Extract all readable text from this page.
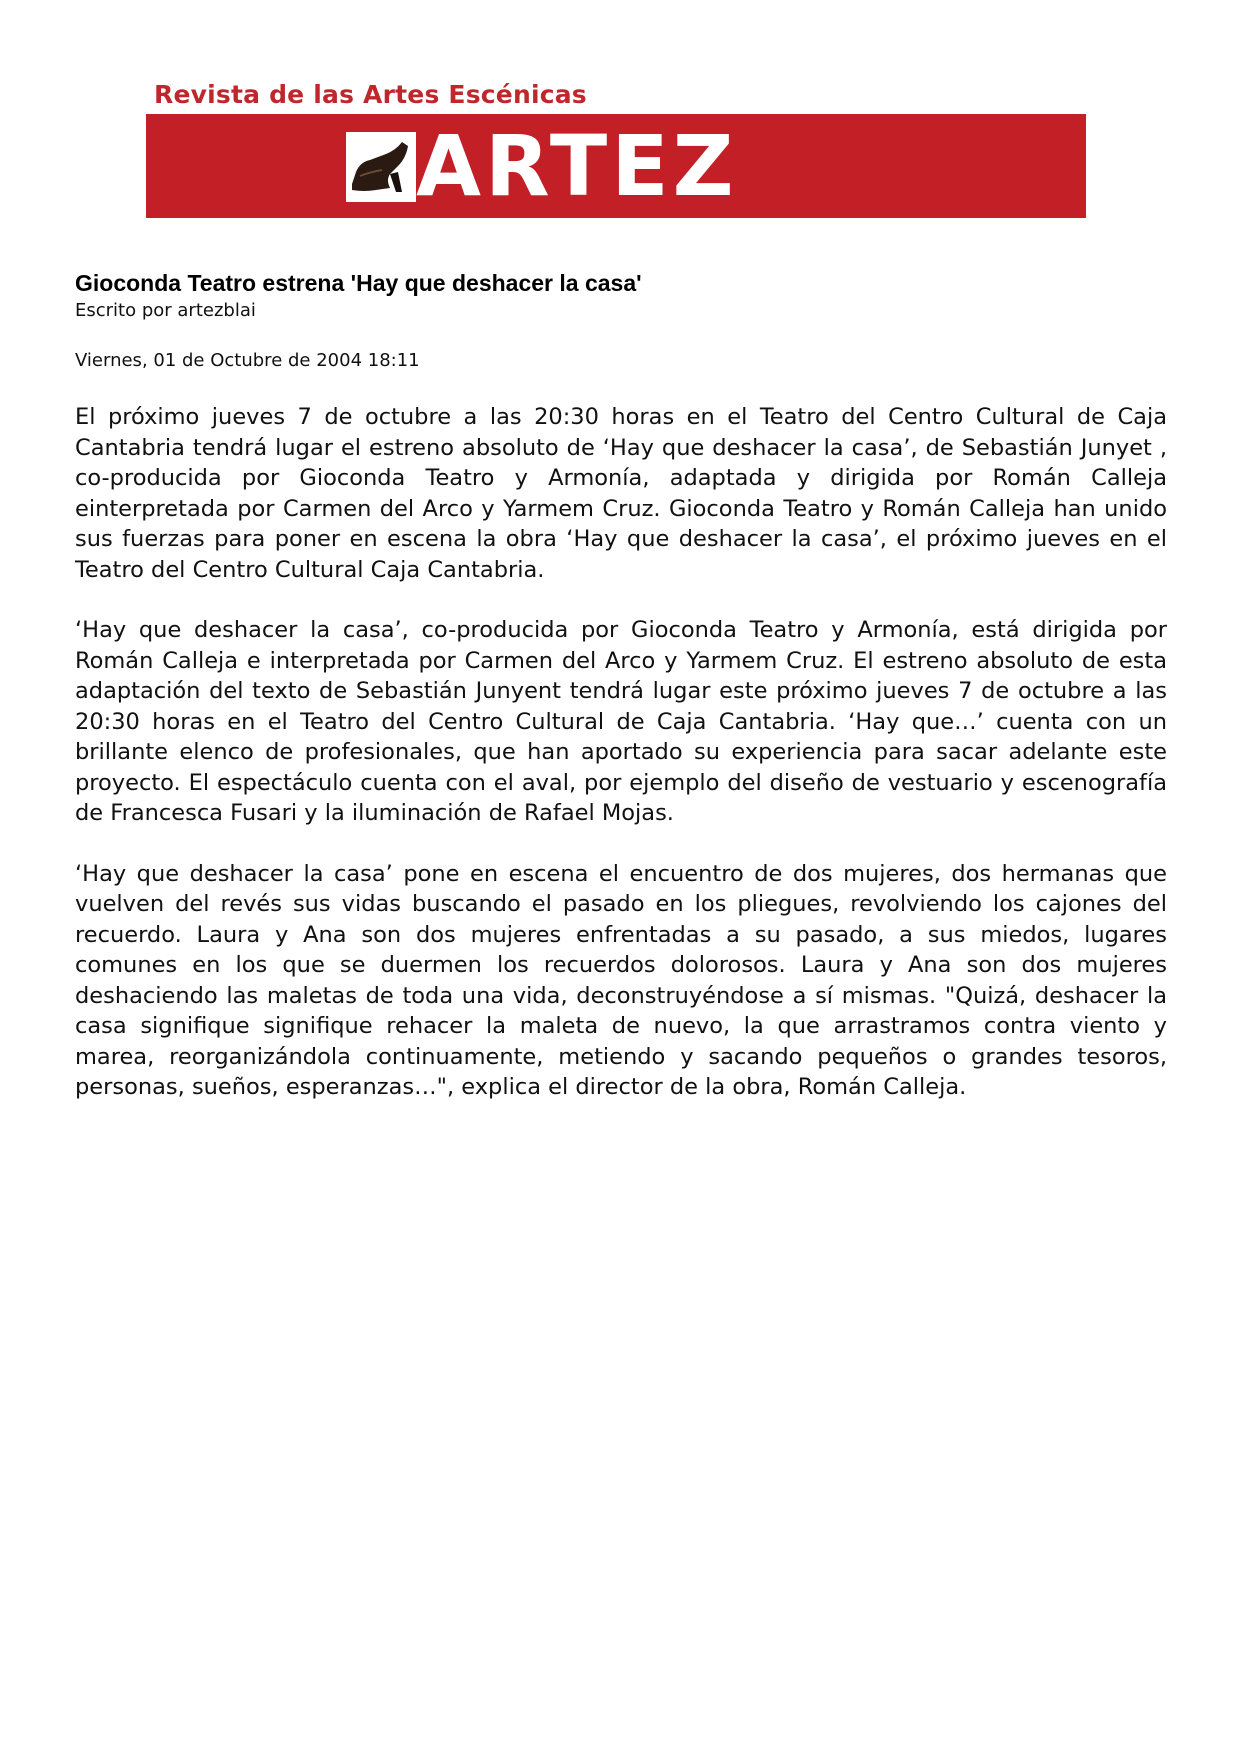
Revista de las Artes Escénicas
ARTEZ
Gioconda Teatro estrena 'Hay que deshacer la casa'

Escrito por artezblai

Viernes, 01 de Octubre de 2004 18:11

El próximo jueves 7 de octubre a las 20:30 horas en el Teatro del Centro Cultural de Caja Cantabria tendrá lugar el estreno absoluto de ‘Hay que deshacer la casa’, de Sebastián Junyet , co-producida por Gioconda Teatro y Armonía, adaptada y dirigida por Román Calleja einterpretada por Carmen del Arco y Yarmem Cruz. Gioconda Teatro y Román Calleja han unido sus fuerzas para poner en escena la obra ‘Hay que deshacer la casa’, el próximo jueves en el Teatro del Centro Cultural Caja Cantabria.

‘Hay que deshacer la casa’, co-producida por Gioconda Teatro y Armonía, está dirigida por Román Calleja e interpretada por Carmen del Arco y Yarmem Cruz. El estreno absoluto de esta adaptación del texto de Sebastián Junyent tendrá lugar este próximo jueves 7 de octubre a las 20:30 horas en el Teatro del Centro Cultural de Caja Cantabria. ‘Hay que…’ cuenta con un brillante elenco de profesionales, que han aportado su experiencia para sacar adelante este proyecto. El espectáculo cuenta con el aval, por ejemplo del diseño de vestuario y escenografía de Francesca Fusari y la iluminación de Rafael Mojas.

‘Hay que deshacer la casa’ pone en escena el encuentro de dos mujeres, dos hermanas que vuelven del revés sus vidas buscando el pasado en los pliegues, revolviendo los cajones del recuerdo. Laura y Ana son dos mujeres enfrentadas a su pasado, a sus miedos, lugares comunes en los que se duermen los recuerdos dolorosos. Laura y Ana son dos mujeres deshaciendo las maletas de toda una vida, deconstruyéndose a sí mismas. "Quizá, deshacer la casa signifique signifique rehacer la maleta de nuevo, la que arrastramos contra viento y marea, reorganizándola continuamente, metiendo y sacando pequeños o grandes tesoros, personas, sueños, esperanzas…", explica el director de la obra, Román Calleja.
